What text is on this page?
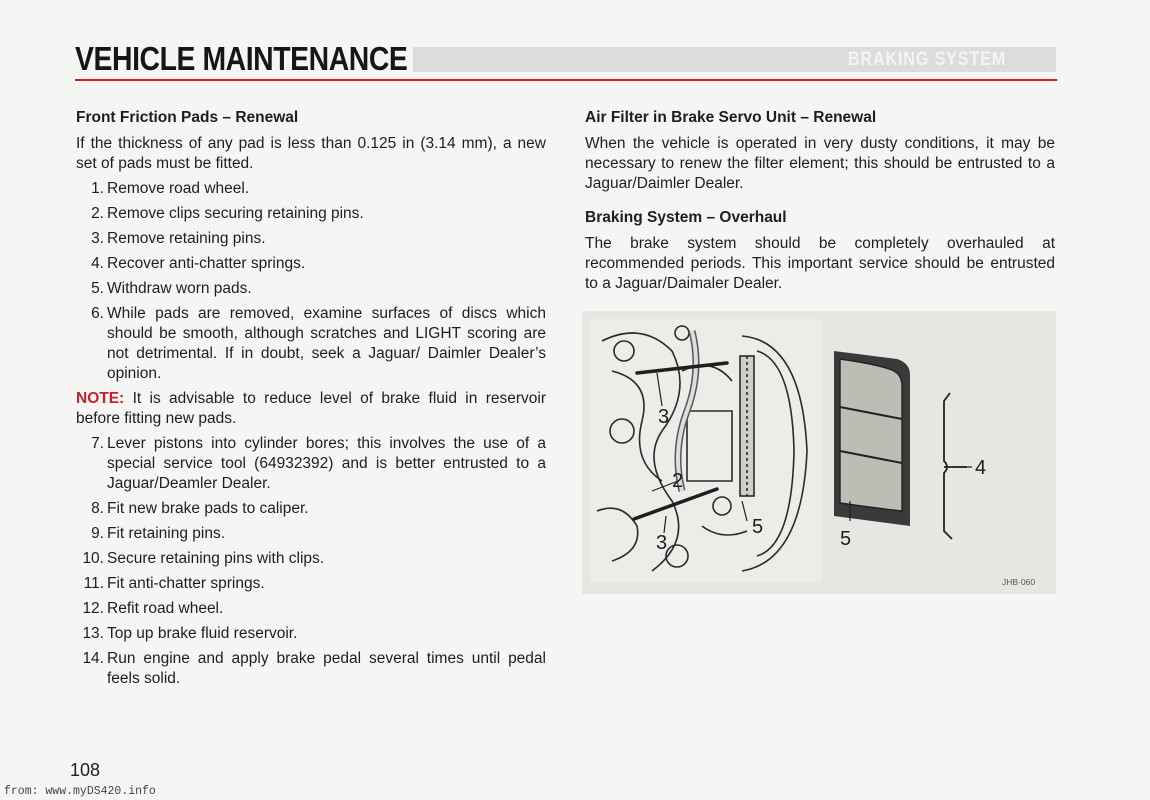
VEHICLE MAINTENANCE	BRAKING SYSTEM
Front Friction Pads – Renewal

If the thickness of any pad is less than 0.125 in (3.14 mm), a new set of pads must be fitted.

1. Remove road wheel.
2. Remove clips securing retaining pins.
3. Remove retaining pins.
4. Recover anti-chatter springs.
5. Withdraw worn pads.
6. While pads are removed, examine surfaces of discs which should be smooth, although scratches and LIGHT scoring are not detrimental. If in doubt, seek a Jaguar/ Daimler Dealer’s opinion.

NOTE: It is advisable to reduce level of brake fluid in reservoir before fitting new pads.

7. Lever pistons into cylinder bores; this involves the use of a special service tool (64932392) and is better entrusted to a Jaguar/Deamler Dealer.
8. Fit new brake pads to caliper.
9. Fit retaining pins.
10. Secure retaining pins with clips.
11. Fit anti-chatter springs.
12. Refit road wheel.
13. Top up brake fluid reservoir.
14. Run engine and apply brake pedal several times until pedal feels solid.
Air Filter in Brake Servo Unit – Renewal

When the vehicle is operated in very dusty conditions, it may be necessary to renew the filter element; this should be entrusted to a Jaguar/Daimler Dealer.

Braking System – Overhaul

The brake system should be completely overhauled at recommended periods. This important service should be entrusted to a Jaguar/Daimaler Dealer.

3
2
3
5
5
4
JHB·060
108
from: www.myDS420.info
